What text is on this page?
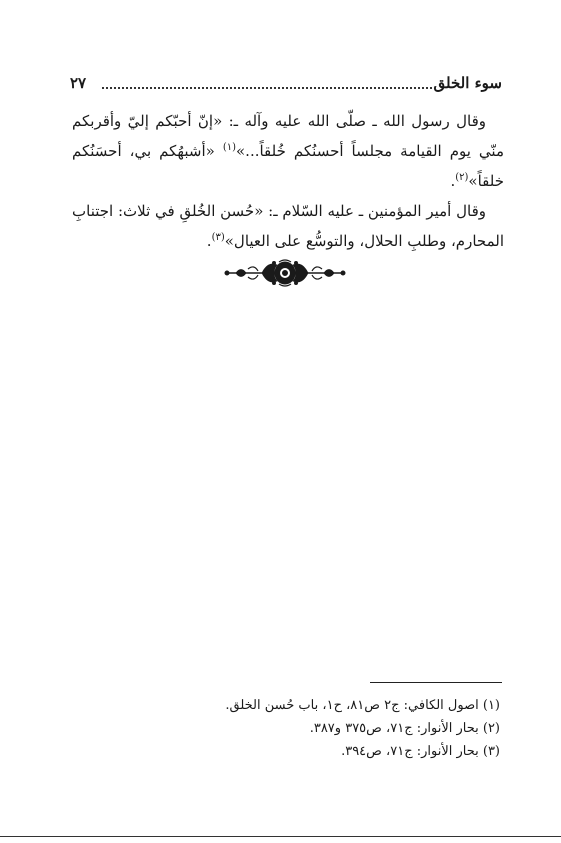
٢٧	سوء الخلق

وقال رسول الله ـ صلّى الله عليه وآله ـ: «إنّ أحبّكم إليّ وأقربكم منّي يوم القيامة مجلساً أحسنُكم خُلقاً...»$^{(١)}$ «أشبهُكم بي، أحسَنُكم خلقاً»$^{(٢)}$.

وقال أمير المؤمنين ـ عليه السّلام ـ: «حُسن الخُلقِ في ثلاث: اجتنابِ المحارم، وطلبِ الحلال، والتوسُّع على العيال»$^{(٣)}$.

(١) اصول الكافي: ج٢ ص٨١، ح١، باب حُسن الخلق.

(٢) بحار الأنوار: ج٧١، ص٣٧٥ و٣٨٧.

(٣) بحار الأنوار: ج٧١، ص٣٩٤.
